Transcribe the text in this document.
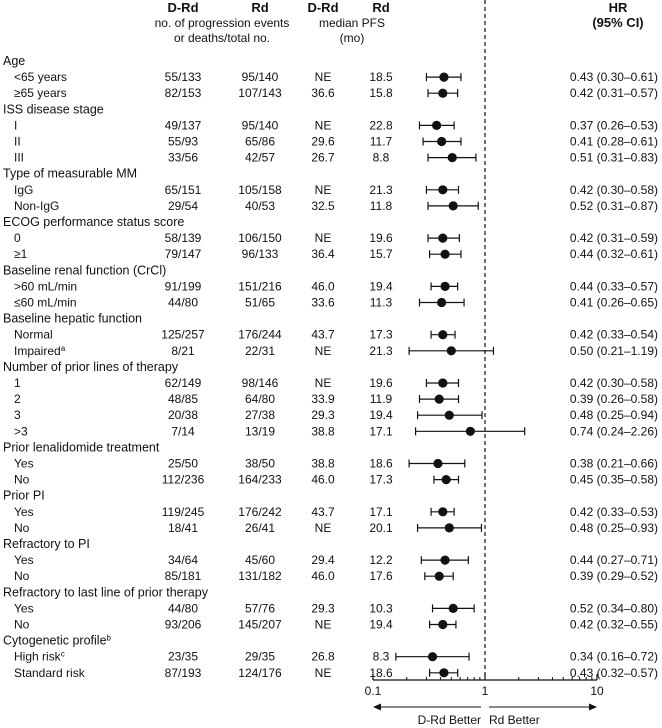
D-Rd	Rd
no. of progression events
or deaths/total no.
D-Rd	Rd
median PFS
(mo)
HR
(95% CI)
Age
<65 years	55/133	95/140	NE	18.5	0.43 (0.30–0.61)
≥65 years	82/153	107/143 36.6	15.8	0.42 (0.31–0.57)
ISS disease stage
I	49/137	95/140	NE	22.8	0.37 (0.26–0.53)
II	55/93	65/86	29.6	11.7	0.41 (0.28–0.61)
III	33/56	42/57	26.7	8.8	0.51 (0.31–0.83)
Type of measurable MM
IgG	65/151	105/158	NE	21.3	0.42 (0.30–0.58)
Non-IgG	29/54	40/53	32.5	11.8	0.52 (0.31–0.87)
ECOG performance status score
0	58/139	106/150	NE	19.6	0.42 (0.31–0.59)
≥1	79/147	96/133	36.4	15.7	0.44 (0.32–0.61)
Baseline renal function (CrCl)
>60 mL/min	91/199	151/216 46.0	19.4	0.44 (0.33–0.57)
≤60 mL/min	44/80	51/65	33.6	11.3	0.41 (0.26–0.65)
Baseline hepatic function
Normal	125/257	176/244 43.7	17.3	0.42 (0.33–0.54)
Impaired$^a$	8/21	22/31	NE	21.3	0.50 (0.21–1.19)
Number of prior lines of therapy
1	62/149	98/146	NE	19.6	0.42 (0.30–0.58)
2	48/85	64/80	33.9	11.9	0.39 (0.26–0.58)
3	20/38	27/38	29.3	19.4	0.48 (0.25–0.94)
>3	7/14	13/19	38.8	17.1	0.74 (0.24–2.26)
Prior lenalidomide treatment
Yes	25/50	38/50	38.8	18.6	0.38 (0.21–0.66)
No	112/236	164/233 46.0	17.3	0.45 (0.35–0.58)
Prior PI
Yes	119/245	176/242 43.7	17.1	0.42 (0.33–0.53)
No	18/41	26/41	NE	20.1	0.48 (0.25–0.93)
Refractory to PI
Yes	34/64	45/60	29.4	12.2	0.44 (0.27–0.71)
No	85/181	131/182 46.0	17.6	0.39 (0.29–0.52)
Refractory to last line of prior therapy
Yes	44/80	57/76	29.3	10.3	0.52 (0.34–0.80)
No	93/206	145/207	NE	19.4	0.42 (0.32–0.55)
Cytogenetic profile$^b$
High risk$^c$	23/35	29/35	26.8	8.3	0.34 (0.16–0.72)
Standard risk	87/193	124/176	NE	18.6	0.43 (0.32–0.57)
0.1	1	10
D-Rd Better Rd Better
